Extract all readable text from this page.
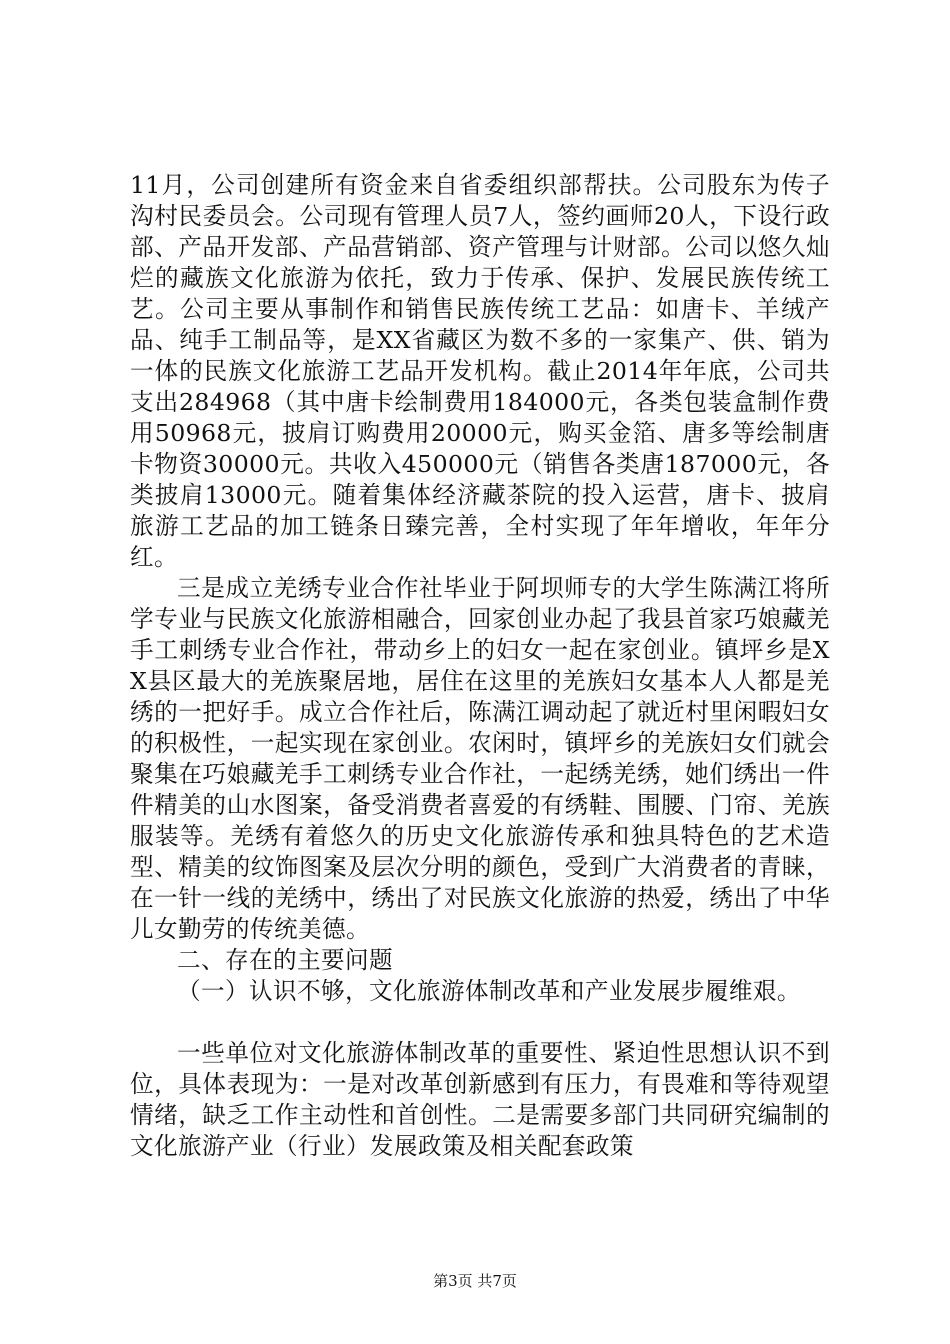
11月，公司创建所有资金来自省委组织部帮扶。公司股东为传子沟村民委员会。公司现有管理人员7人，签约画师20人，下设行政部、产品开发部、产品营销部、资产管理与计财部。公司以悠久灿烂的藏族文化旅游为依托，致力于传承、保护、发展民族传统工艺。公司主要从事制作和销售民族传统工艺品：如唐卡、羊绒产品、纯手工制品等，是XX省藏区为数不多的一家集产、供、销为一体的民族文化旅游工艺品开发机构。截止2014年年底，公司共支出284968（其中唐卡绘制费用184000元，各类包装盒制作费用50968元，披肩订购费用20000元，购买金箔、唐多等绘制唐卡物资30000元。共收入450000元（销售各类唐187000元，各类披肩13000元。随着集体经济藏茶院的投入运营，唐卡、披肩旅游工艺品的加工链条日臻完善，全村实现了年年增收，年年分红。

三是成立羌绣专业合作社毕业于阿坝师专的大学生陈满江将所学专业与民族文化旅游相融合，回家创业办起了我县首家巧娘藏羌手工刺绣专业合作社，带动乡上的妇女一起在家创业。镇坪乡是XX县区最大的羌族聚居地，居住在这里的羌族妇女基本人人都是羌绣的一把好手。成立合作社后，陈满江调动起了就近村里闲暇妇女的积极性，一起实现在家创业。农闲时，镇坪乡的羌族妇女们就会聚集在巧娘藏羌手工刺绣专业合作社，一起绣羌绣，她们绣出一件件精美的山水图案，备受消费者喜爱的有绣鞋、围腰、门帘、羌族服装等。羌绣有着悠久的历史文化旅游传承和独具特色的艺术造型、精美的纹饰图案及层次分明的颜色，受到广大消费者的青睐，在一针一线的羌绣中，绣出了对民族文化旅游的热爱，绣出了中华儿女勤劳的传统美德。

二、存在的主要问题

（一）认识不够，文化旅游体制改革和产业发展步履维艰。

一些单位对文化旅游体制改革的重要性、紧迫性思想认识不到位，具体表现为：一是对改革创新感到有压力，有畏难和等待观望情绪，缺乏工作主动性和首创性。二是需要多部门共同研究编制的文化旅游产业（行业）发展政策及相关配套政策

第3页 共7页
